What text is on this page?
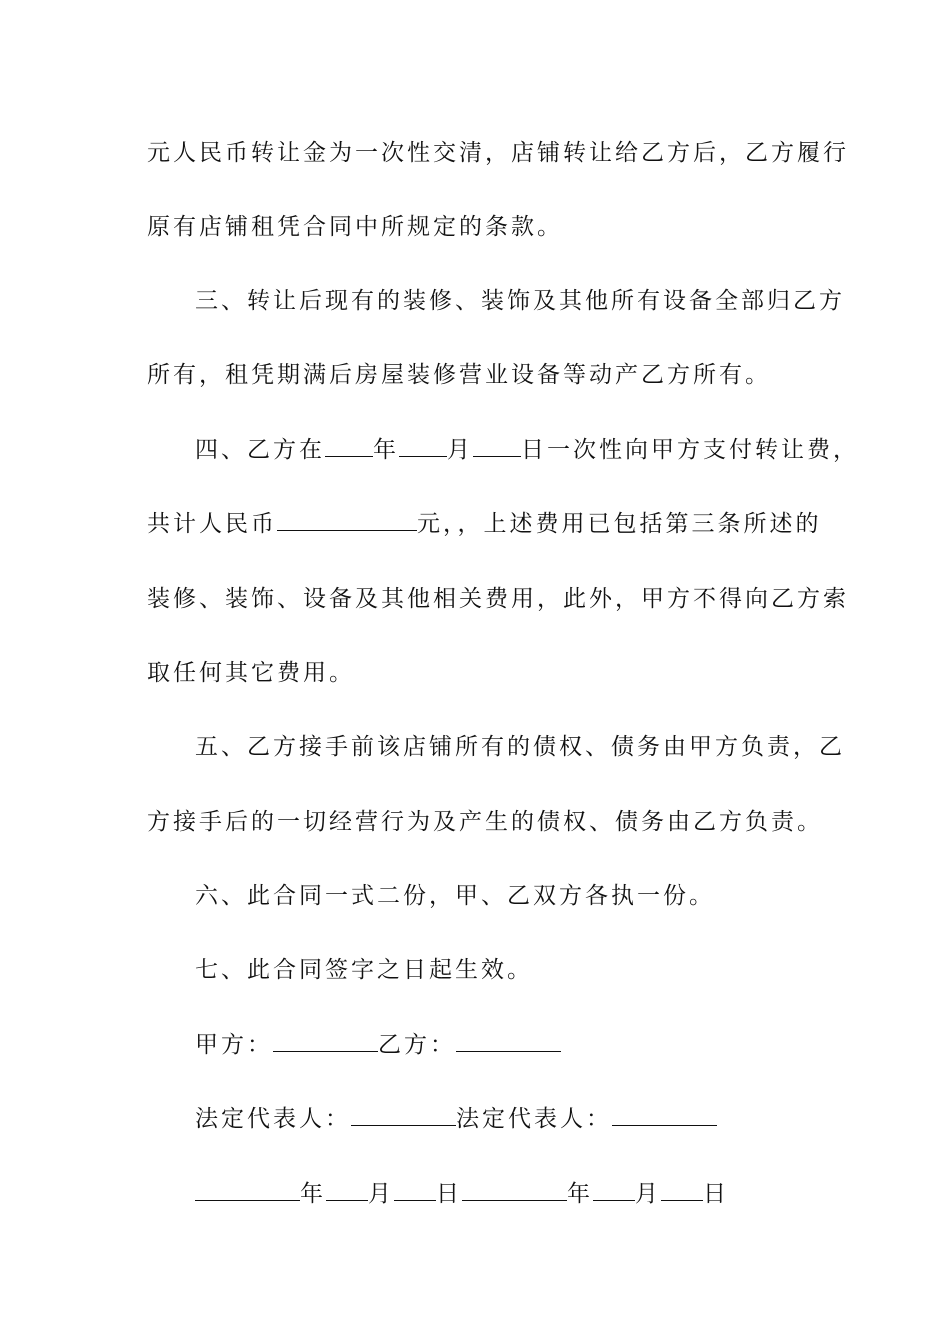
元人民币转让金为一次性交清，店铺转让给乙方后，乙方履行
原有店铺租凭合同中所规定的条款。
三、转让后现有的装修、装饰及其他所有设备全部归乙方
所有，租凭期满后房屋装修营业设备等动产乙方所有。
四、乙方在 年 月 日一次性向甲方支付转让费，
共计人民币	元，，上述费用已包括第三条所述的
装修、装饰、设备及其他相关费用，此外，甲方不得向乙方索
取任何其它费用。
五、乙方接手前该店铺所有的债权、债务由甲方负责，乙
方接手后的一切经营行为及产生的债权、债务由乙方负责。
六、此合同一式二份，甲、乙双方各执一份。
七、此合同签字之日起生效。
甲方：	乙方：
法定代表人：	法定代表人：
年 月 日	年 月 日
